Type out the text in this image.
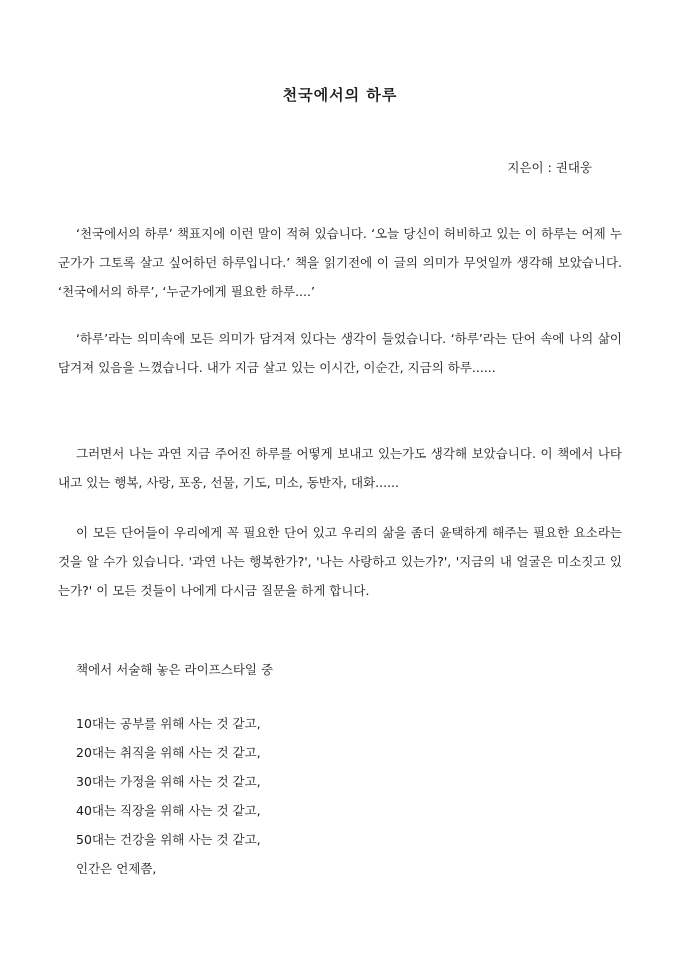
천국에서의 하루

지은이 : 권대웅

‘천국에서의 하루’ 책표지에 이런 말이 적혀 있습니다. ‘오늘 당신이 허비하고 있는 이 하루는 어제 누군가가 그토록 살고 싶어하던 하루입니다.’ 책을 읽기전에 이 글의 의미가 무엇일까 생각해 보았습니다. ‘천국에서의 하루’, ‘누군가에게 필요한 하루....’

‘하루’라는 의미속에 모든 의미가 담겨져 있다는 생각이 들었습니다. ‘하루’라는 단어 속에 나의 삶이 담겨져 있음을 느꼈습니다. 내가 지금 살고 있는 이시간, 이순간, 지금의 하루......

그러면서 나는 과연 지금 주어진 하루를 어떻게 보내고 있는가도 생각해 보았습니다. 이 책에서 나타내고 있는 행복, 사랑, 포옹, 선물, 기도, 미소, 동반자, 대화......

이 모든 단어들이 우리에게 꼭 필요한 단어 있고 우리의 삶을 좀더 윤택하게 해주는 필요한 요소라는 것을 알 수가 있습니다. '과연 나는 행복한가?', '나는 사랑하고 있는가?', '지금의 내 얼굴은 미소짓고 있는가?' 이 모든 것들이 나에게 다시금 질문을 하게 합니다.

책에서 서술해 놓은 라이프스타일 중

10대는 공부를 위해 사는 것 같고,
20대는 취직을 위해 사는 것 같고,
30대는 가정을 위해 사는 것 같고,
40대는 직장을 위해 사는 것 같고,
50대는 건강을 위해 사는 것 같고,
인간은 언제쯤,
